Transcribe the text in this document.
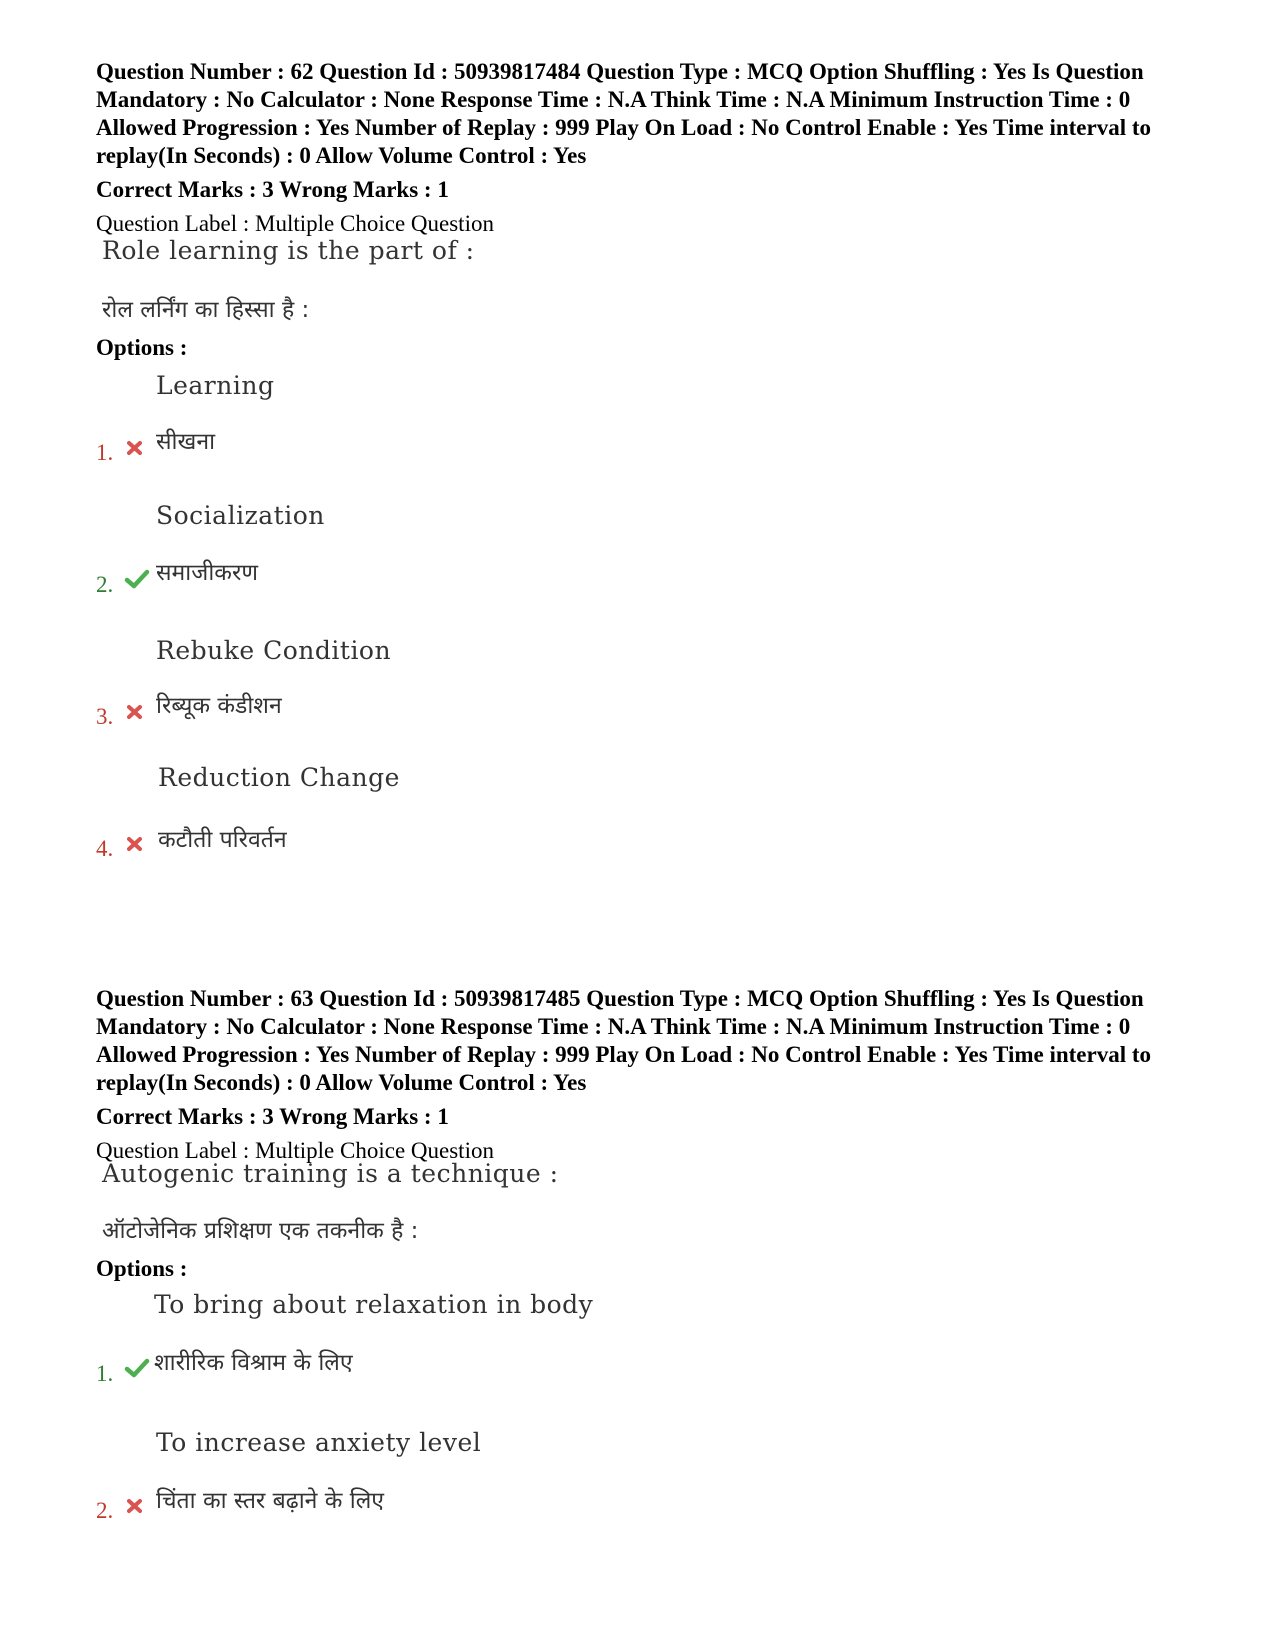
Question Number : 62 Question Id : 50939817484 Question Type : MCQ Option Shuffling : Yes Is Question Mandatory : No Calculator : None Response Time : N.A Think Time : N.A Minimum Instruction Time : 0 Allowed Progression : Yes Number of Replay : 999 Play On Load : No Control Enable : Yes Time interval to replay(In Seconds) : 0 Allow Volume Control : Yes

Correct Marks : 3 Wrong Marks : 1
Question Label : Multiple Choice Question
Role learning is the part of :
रोल लर्निंग का हिस्सा है :
Options :
Learning
सीखना
1.
Socialization
समाजीकरण
2.
Rebuke Condition
रिब्यूक कंडीशन
3.
Reduction Change
कटौती परिवर्तन
4.

Question Number : 63 Question Id : 50939817485 Question Type : MCQ Option Shuffling : Yes Is Question Mandatory : No Calculator : None Response Time : N.A Think Time : N.A Minimum Instruction Time : 0 Allowed Progression : Yes Number of Replay : 999 Play On Load : No Control Enable : Yes Time interval to replay(In Seconds) : 0 Allow Volume Control : Yes

Correct Marks : 3 Wrong Marks : 1
Question Label : Multiple Choice Question
Autogenic training is a technique :
ऑटोजेनिक प्रशिक्षण एक तकनीक है :
Options :
To bring about relaxation in body
शारीरिक विश्राम के लिए
1.
To increase anxiety level
चिंता का स्तर बढ़ाने के लिए
2.
